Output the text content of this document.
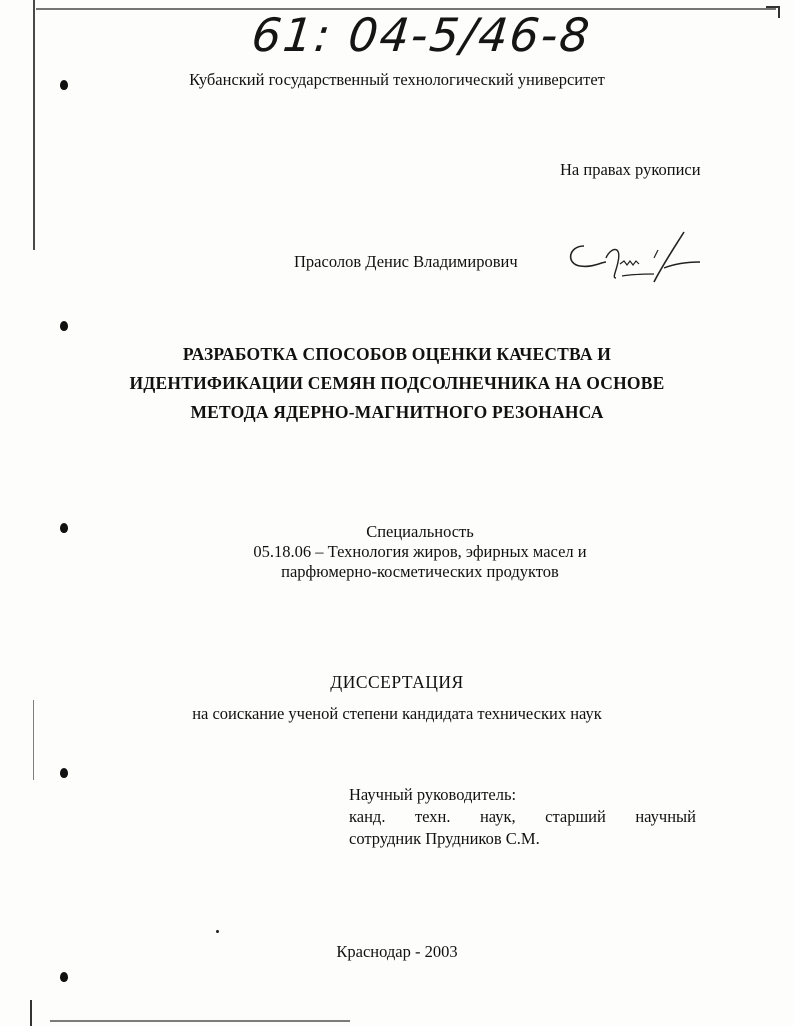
61: 04-5/46-8
Кубанский государственный технологический университет
На правах рукописи
Прасолов Денис Владимирович
РАЗРАБОТКА СПОСОБОВ ОЦЕНКИ КАЧЕСТВА И
ИДЕНТИФИКАЦИИ СЕМЯН ПОДСОЛНЕЧНИКА НА ОСНОВЕ
МЕТОДА ЯДЕРНО-МАГНИТНОГО РЕЗОНАНСА
Специальность
05.18.06 – Технология жиров, эфирных масел и
парфюмерно-косметических продуктов
ДИССЕРТАЦИЯ
на соискание ученой степени кандидата технических наук
Научный руководитель:
канд. техн. наук, старший научный
сотрудник Прудников С.М.
Краснодар - 2003
